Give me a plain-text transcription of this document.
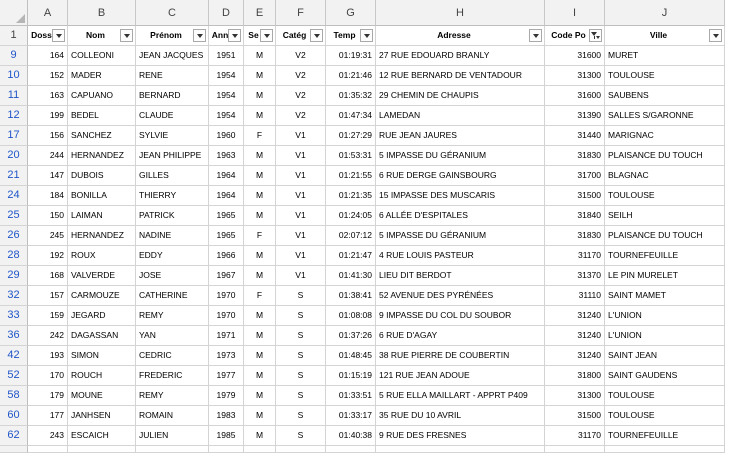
A	B	C	D	E	F	G	H	I	J
1	Doss	Nom	Prénom	Ann	Se	Catég	Temp	Adresse	Code Po	Ville
9	164 COLLEONI	JEAN JACQUES	1951	M	V2	01:19:31 27 RUE EDOUARD BRANLY	31600 MURET
10	152 MADER	RENE	1954	M	V2	01:21:46 12 RUE BERNARD DE VENTADOUR	31300 TOULOUSE
11	163 CAPUANO	BERNARD	1954	M	V2	01:35:32 29 CHEMIN DE CHAUPIS	31600 SAUBENS
12	199 BEDEL	CLAUDE	1954	M	V2	01:47:34 LAMEDAN	31390 SALLES S/GARONNE
17	156 SANCHEZ	SYLVIE	1960	F	V1	01:27:29 RUE JEAN JAURES	31440 MARIGNAC
20	244 HERNANDEZ	JEAN PHILIPPE	1963	M	V1	01:53:31 5 IMPASSE DU GÉRANIUM	31830 PLAISANCE DU TOUCH
21	147 DUBOIS	GILLES	1964	M	V1	01:21:55 6 RUE DERGE GAINSBOURG	31700 BLAGNAC
24	184 BONILLA	THIERRY	1964	M	V1	01:21:35 15 IMPASSE DES MUSCARIS	31500 TOULOUSE
25	150 LAIMAN	PATRICK	1965	M	V1	01:24:05 6 ALLÉE D'ESPITALES	31840 SEILH
26	245 HERNANDEZ	NADINE	1965	F	V1	02:07:12 5 IMPASSE DU GÉRANIUM	31830 PLAISANCE DU TOUCH
28	192 ROUX	EDDY	1966	M	V1	01:21:47 4 RUE LOUIS PASTEUR	31170 TOURNEFEUILLE
29	168 VALVERDE	JOSE	1967	M	V1	01:41:30 LIEU DIT BERDOT	31370 LE PIN MURELET
32	157 CARMOUZE	CATHERINE	1970	F	S	01:38:41 52 AVENUE DES PYRÉNÉES	31110 SAINT MAMET
33	159 JEGARD	REMY	1970	M	S	01:08:08 9 IMPASSE DU COL DU SOUBOR	31240 L'UNION
36	242 DAGASSAN	YAN	1971	M	S	01:37:26 6 RUE D'AGAY	31240 L'UNION
42	193 SIMON	CEDRIC	1973	M	S	01:48:45 38 RUE PIERRE DE COUBERTIN	31240 SAINT JEAN
52	170 ROUCH	FREDERIC	1977	M	S	01:15:19 121 RUE JEAN ADOUE	31800 SAINT GAUDENS
58	179 MOUNE	REMY	1979	M	S	01:33:51 5 RUE ELLA MAILLART - APPRT P409	31300 TOULOUSE
60	177 JANHSEN	ROMAIN	1983	M	S	01:33:17 35 RUE DU 10 AVRIL	31500 TOULOUSE
62	243 ESCAICH	JULIEN	1985	M	S	01:40:38 9 RUE DES FRESNES	31170 TOURNEFEUILLE
